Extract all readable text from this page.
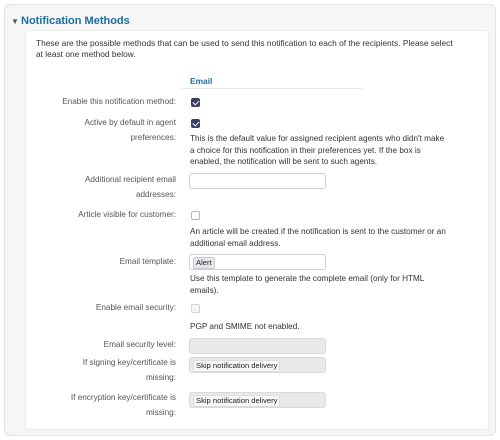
▼ Notification Methods
These are the possible methods that can be used to send this notification to each of the recipients. Please select at least one method below.
Email
Enable this notification method:
Active by default in agent
preferences: This is the default value for assigned recipient agents who didn't make a choice for this notification in their preferences yet. If the box is enabled, the notification will be sent to such agents.
Additional recipient email
addresses:
Article visible for customer:
An article will be created if the notification is sent to the customer or an additional email address.
Email template:	Alert
Use this template to generate the complete email (only for HTML emails).
Enable email security:
PGP and SMIME not enabled.
Email security level:
If signing key/certificate is
missing:
Skip notification delivery
If encryption key/certificate is
missing:
Skip notification delivery
